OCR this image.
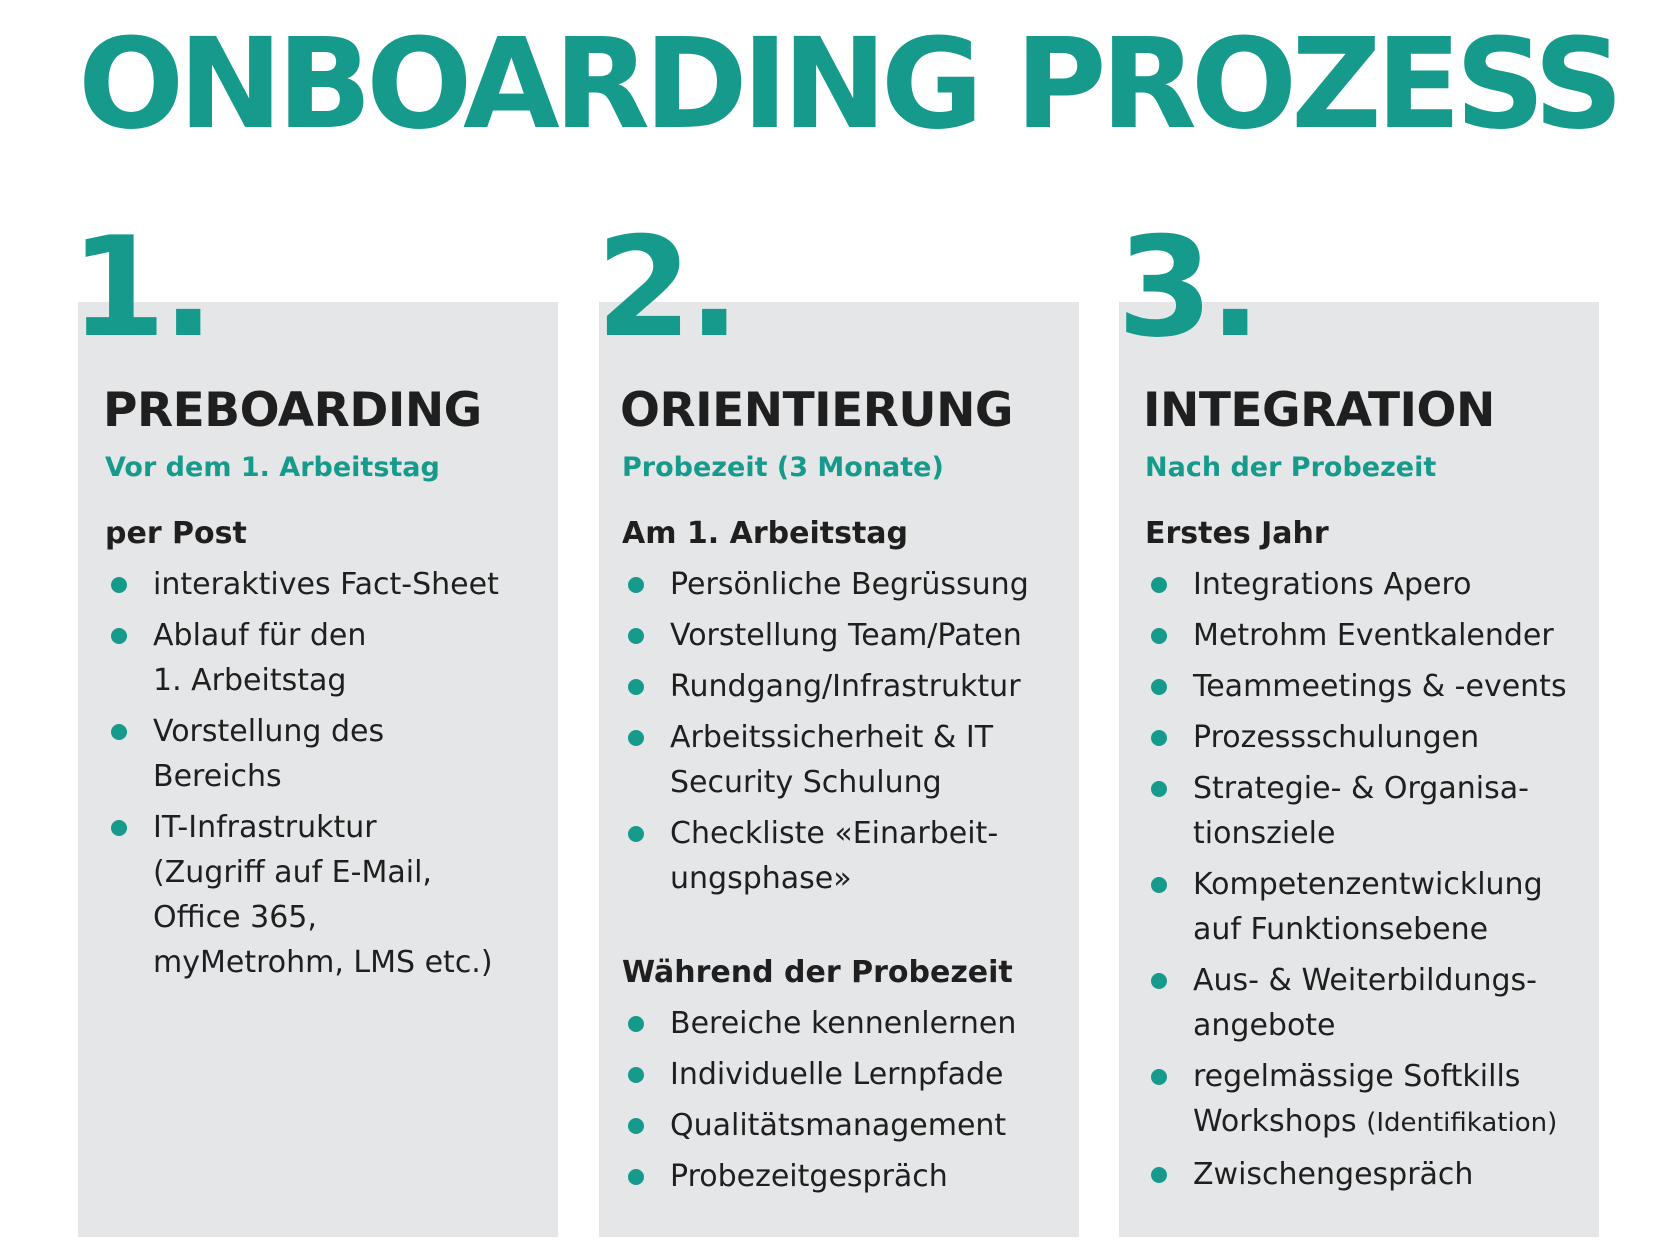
ONBOARDING PROZESS
1.	2.	3.
PREBOARDING
Vor dem 1. Arbeitstag
per Post
interaktives Fact-Sheet
Ablauf für den
1. Arbeitstag
Vorstellung des
Bereichs
IT-Infrastruktur
(Zugriff auf E-Mail,
Office 365,
myMetrohm, LMS etc.)
ORIENTIERUNG
Probezeit (3 Monate)
Am 1. Arbeitstag
Persönliche Begrüssung
Vorstellung Team/Paten
Rundgang/Infrastruktur
Arbeitssicherheit & IT
Security Schulung
Checkliste «Einarbeit-
ungsphase»
Während der Probezeit
Bereiche kennenlernen
Individuelle Lernpfade
Qualitätsmanagement
Probezeitgespräch
INTEGRATION
Nach der Probezeit
Erstes Jahr
Integrations Apero
Metrohm Eventkalender
Teammeetings & -events
Prozessschulungen
Strategie- & Organisa-
tionsziele
Kompetenzentwicklung
auf Funktionsebene
Aus- & Weiterbildungs-
angebote
regelmässige Softkills
Workshops (Identifikation)
Zwischengespräch
